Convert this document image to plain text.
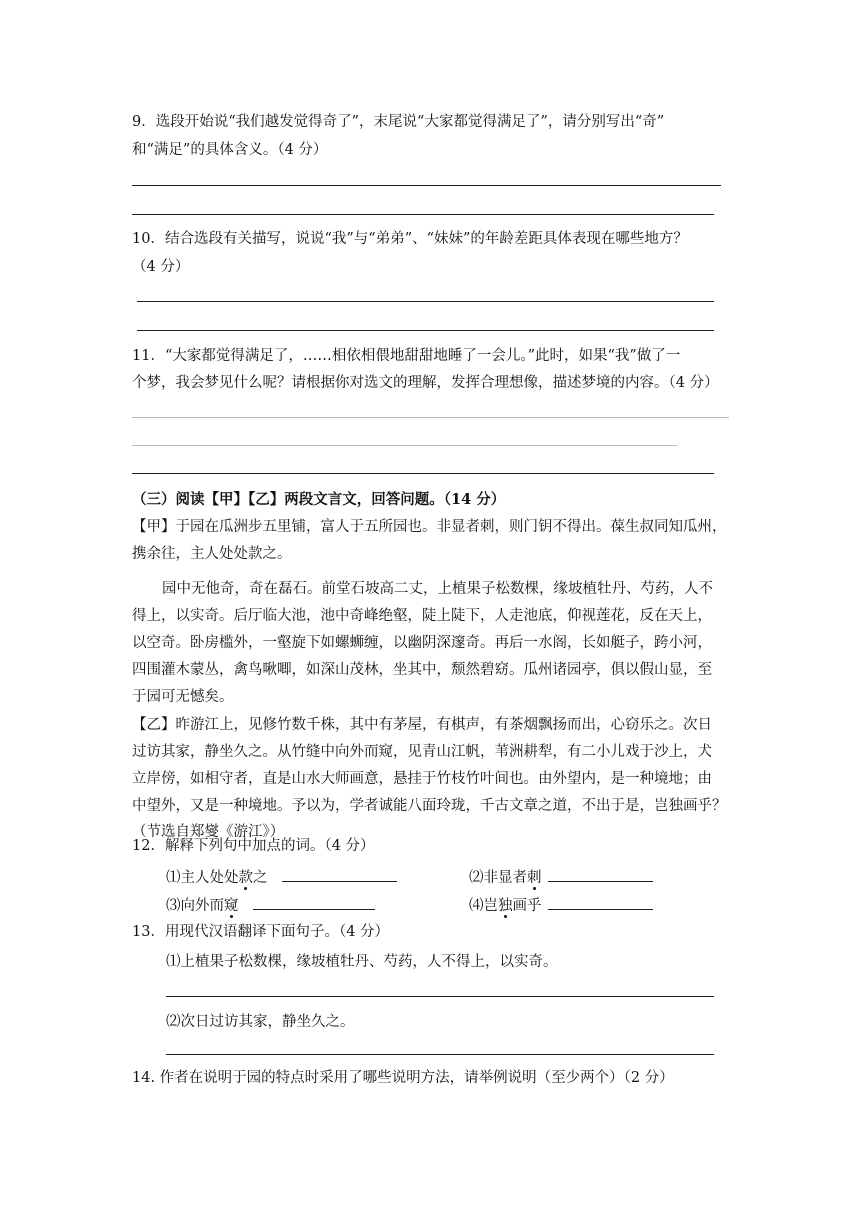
9．选段开始说“我们越发觉得奇了”，末尾说“大家都觉得满足了”，请分别写出“奇”
和“满足”的具体含义。（4 分）
10．结合选段有关描写，说说“我”与“弟弟”、“妹妹”的年龄差距具体表现在哪些地方？
（4 分）
11．“大家都觉得满足了，……相依相偎地甜甜地睡了一会儿。”此时，如果“我”做了一
个梦，我会梦见什么呢？请根据你对选文的理解，发挥合理想像，描述梦境的内容。（4 分）
（三）阅读【甲】【乙】两段文言文，回答问题。（14 分）
【甲】于园在瓜洲步五里铺，富人于五所园也。非显者刺，则门钥不得出。葆生叔同知瓜州，
携余往，主人处处款之。
园中无他奇，奇在磊石。前堂石坡高二丈，上植果子松数棵，缘坡植牡丹、芍药，人不
得上，以实奇。后厅临大池，池中奇峰绝壑，陡上陡下，人走池底，仰视莲花，反在天上，
以空奇。卧房槛外，一壑旋下如螺蛳缠，以幽阴深邃奇。再后一水阁，长如艇子，跨小河，
四围灌木蒙丛，禽鸟啾唧，如深山茂林，坐其中，颓然碧窈。瓜州诸园亭，俱以假山显，至
于园可无憾矣。
【乙】昨游江上，见修竹数千株，其中有茅屋，有棋声，有茶烟飘扬而出，心窃乐之。次日
过访其家，静坐久之。从竹缝中向外而窥，见青山江帆，苇洲耕犁，有二小儿戏于沙上，犬
立岸傍，如相守者，直是山水大师画意，悬挂于竹枝竹叶间也。由外望内，是一种境地；由
中望外，又是一种境地。予以为，学者诚能八面玲珑，千古文章之道，不出于是，岂独画乎？
（节选自郑燮《游江》）
12．解释下列句中加点的词。（4 分）
⑴主人处处款之	⑵非显者刺
⑶向外而窥	⑷岂独画乎
13．用现代汉语翻译下面句子。（4 分）
⑴上植果子松数棵，缘坡植牡丹、芍药，人不得上，以实奇。
⑵次日过访其家，静坐久之。
14. 作者在说明于园的特点时采用了哪些说明方法，请举例说明（至少两个）（2 分）
